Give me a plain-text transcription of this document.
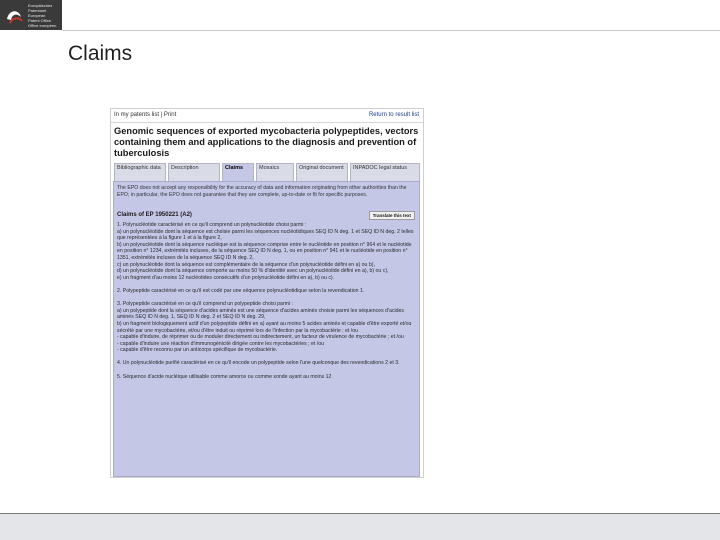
Europäisches
Patentamt
European
Patent Office
Office européen
Claims
In my patents list | Print	Return to result list
Genomic sequences of exported mycobacteria polypeptides, vectors containing them and applications to the diagnosis and prevention of tuberculosis
Bibliographic data	Description	Claims	Mosaics	Original document	INPADOC legal status
The EPO does not accept any responsibility for the accuracy of data and information originating from other authorities than the EPO; in particular, the EPO does not guarantee that they are complete, up-to-date or fit for specific purposes.
Claims of EP 1950221 (A2)	Translate this text

1. Polynucléotide caractérisé en ce qu'il comprend un polynucléotide choisi parmi :
a) un polynucléotide dont la séquence est choisie parmi les séquences nucléotidiques SEQ ID N deg. 1 et SEQ ID N deg. 2 telles que représentées à la figure 1 et à la figure 2,
b) un polynucléotide dont la séquence nucléique est la séquence comprise entre le nucléotide en position n° 964 et le nucléotide en position n° 1234, extrémités incluses, de la séquence SEQ ID N deg. 1, ou en position n° 941 et le nucléotide en position n° 1351, extrémités incluses de la séquence SEQ ID N deg. 2,
c) un polynucléotide dont la séquence est complémentaire de la séquence d'un polynucléotide défini en a) ou b),
d) un polynucléotide dont la séquence comporte au moins 50 % d'identité avec un polynucléotide défini en a), b) ou c),
e) un fragment d'au moins 12 nucléotides consécutifs d'un polynucléotide défini en a), b) ou c).

2. Polypeptide caractérisé en ce qu'il est codé par une séquence polynucléotidique selon la revendication 1.

3. Polypeptide caractérisé en ce qu'il comprend un polypeptide choisi parmi :
a) un polypeptide dont la séquence d'acides aminés est une séquence d'acides aminés choisie parmi les séquences d'acides aminés SEQ ID N deg. 1, SEQ ID N deg. 2 et SEQ ID N deg. 29,
b) un fragment biologiquement actif d'un polypeptide défini en a) ayant au moins 5 acides aminés et capable d'être exporté et/ou sécrété par une mycobactérie, et/ou d'être induit ou réprimé lors de l'infection par la mycobactérie ; et /ou
- capable d'induire, de réprimer ou de moduler directement ou indirectement, un facteur de virulence de mycobactérie ; et /ou
- capable d'induire une réaction d'immunogénicité dirigée contre les mycobactéries ; et /ou
- capable d'être reconnu par un anticorps spécifique de mycobactérie.

4. Un polynucléotide purifié caractérisé en ce qu'il encode un polypeptide selon l'une quelconque des revendications 2 et 3.

5. Séquence d'acide nucléique utilisable comme amorce ou comme sonde ayant au moins 12
